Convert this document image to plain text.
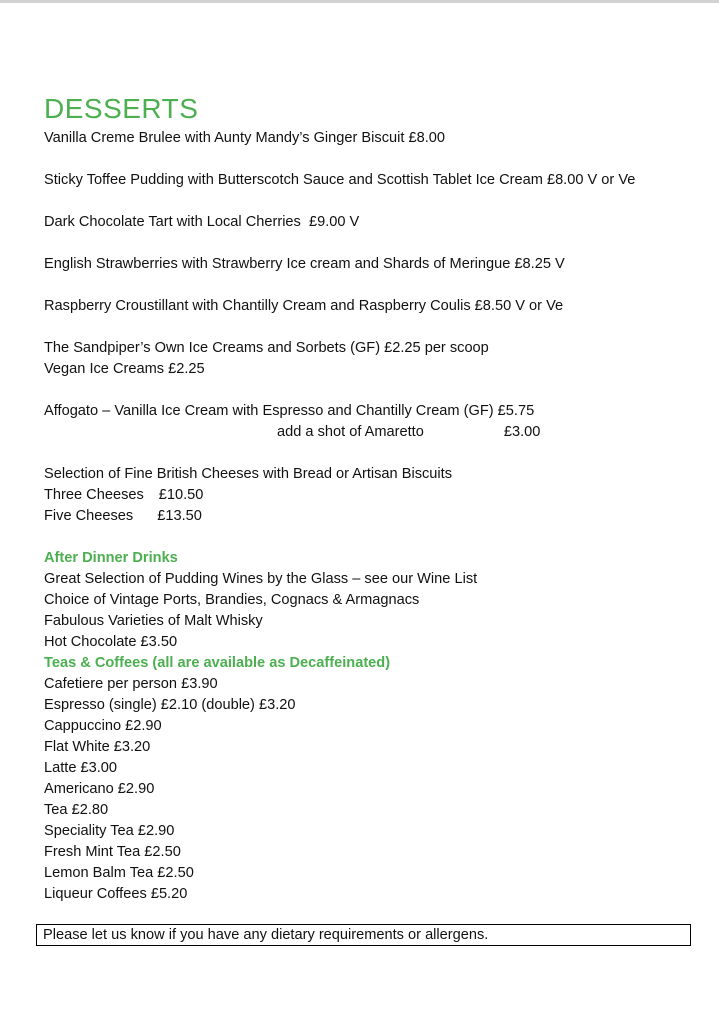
DESSERTS
Vanilla Creme Brulee with Aunty Mandy’s Ginger Biscuit £8.00
Sticky Toffee Pudding with Butterscotch Sauce and Scottish Tablet Ice Cream £8.00 V or Ve
Dark Chocolate Tart with Local Cherries  £9.00 V
English Strawberries with Strawberry Ice cream and Shards of Meringue £8.25 V
Raspberry Croustillant with Chantilly Cream and Raspberry Coulis £8.50 V or Ve
The Sandpiper’s Own Ice Creams and Sorbets (GF) £2.25 per scoop
Vegan Ice Creams £2.25
Affogato – Vanilla Ice Cream with Espresso and Chantilly Cream (GF) £5.75
add a shot of Amaretto	£3.00
Selection of Fine British Cheeses with Bread or Artisan Biscuits
Three Cheeses £10.50
Five Cheeses £13.50
After Dinner Drinks
Great Selection of Pudding Wines by the Glass – see our Wine List
Choice of Vintage Ports, Brandies, Cognacs & Armagnacs
Fabulous Varieties of Malt Whisky
Hot Chocolate £3.50
Teas & Coffees (all are available as Decaffeinated)
Cafetiere per person £3.90
Espresso (single) £2.10 (double) £3.20
Cappuccino £2.90
Flat White £3.20
Latte £3.00
Americano £2.90
Tea £2.80
Speciality Tea £2.90
Fresh Mint Tea £2.50
Lemon Balm Tea £2.50
Liqueur Coffees £5.20
Please let us know if you have any dietary requirements or allergens.
